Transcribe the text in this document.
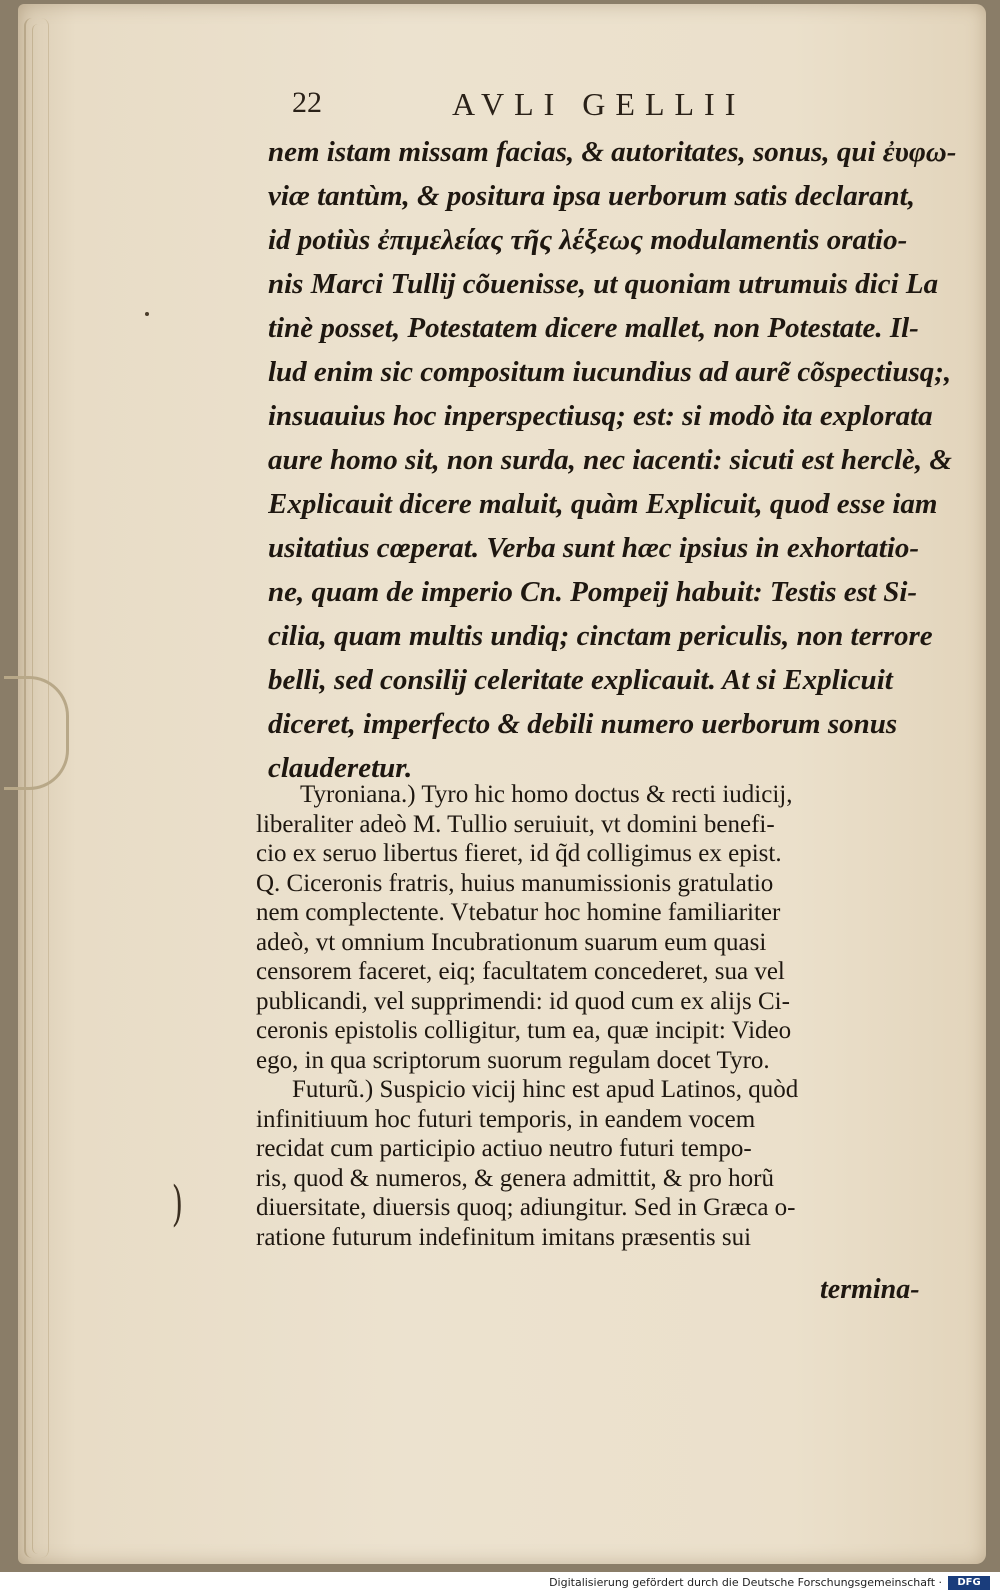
22	AVLI GELLII
nem istam missam facias, & autoritates, sonus, qui ἐυφω-
viæ tantùm, & positura ipsa uerborum satis declarant,
id potiùs ἐπιμελείας τῆς λέξεως modulamentis oratio-
nis Marci Tullij cõuenisse, ut quoniam utrumuis dici La
tinè posset, Potestatem dicere mallet, non Potestate. Il-
lud enim sic compositum iucundius ad aurẽ cõspectiusq;,
insuauius hoc inperspectiusq; est: si modò ita explorata
aure homo sit, non surda, nec iacenti: sicuti est herclè, &
Explicauit dicere maluit, quàm Explicuit, quod esse iam
usitatius cœperat. Verba sunt hæc ipsius in exhortatio-
ne, quam de imperio Cn. Pompeij habuit: Testis est Si-
cilia, quam multis undiq; cinctam periculis, non terrore
belli, sed consilij celeritate explicauit. At si Explicuit
diceret, imperfecto & debili numero uerborum sonus
clauderetur.
Tyroniana.) Tyro hic homo doctus & recti iudicij,
liberaliter adeò M. Tullio seruiuit, vt domini benefi-
cio ex seruo libertus fieret, id q̃d colligimus ex epist.
Q. Ciceronis fratris, huius manumissionis gratulatio
nem complectente. Vtebatur hoc homine familiariter
adeò, vt omnium Incubrationum suarum eum quasi
censorem faceret, eiq; facultatem concederet, sua vel
publicandi, vel supprimendi: id quod cum ex alijs Ci-
ceronis epistolis colligitur, tum ea, quæ incipit: Video
ego, in qua scriptorum suorum regulam docet Tyro.
Futurũ.) Suspicio vicij hinc est apud Latinos, quòd
infinitiuum hoc futuri temporis, in eandem vocem
recidat cum participio actiuo neutro futuri tempo-
ris, quod & numeros, & genera admittit, & pro horũ
diuersitate, diuersis quoq; adiungitur. Sed in Græca o-
ratione futurum indefinitum imitans præsentis sui
termina-
)
Digitalisierung gefördert durch die Deutsche Forschungsgemeinschaft ·	DFG
